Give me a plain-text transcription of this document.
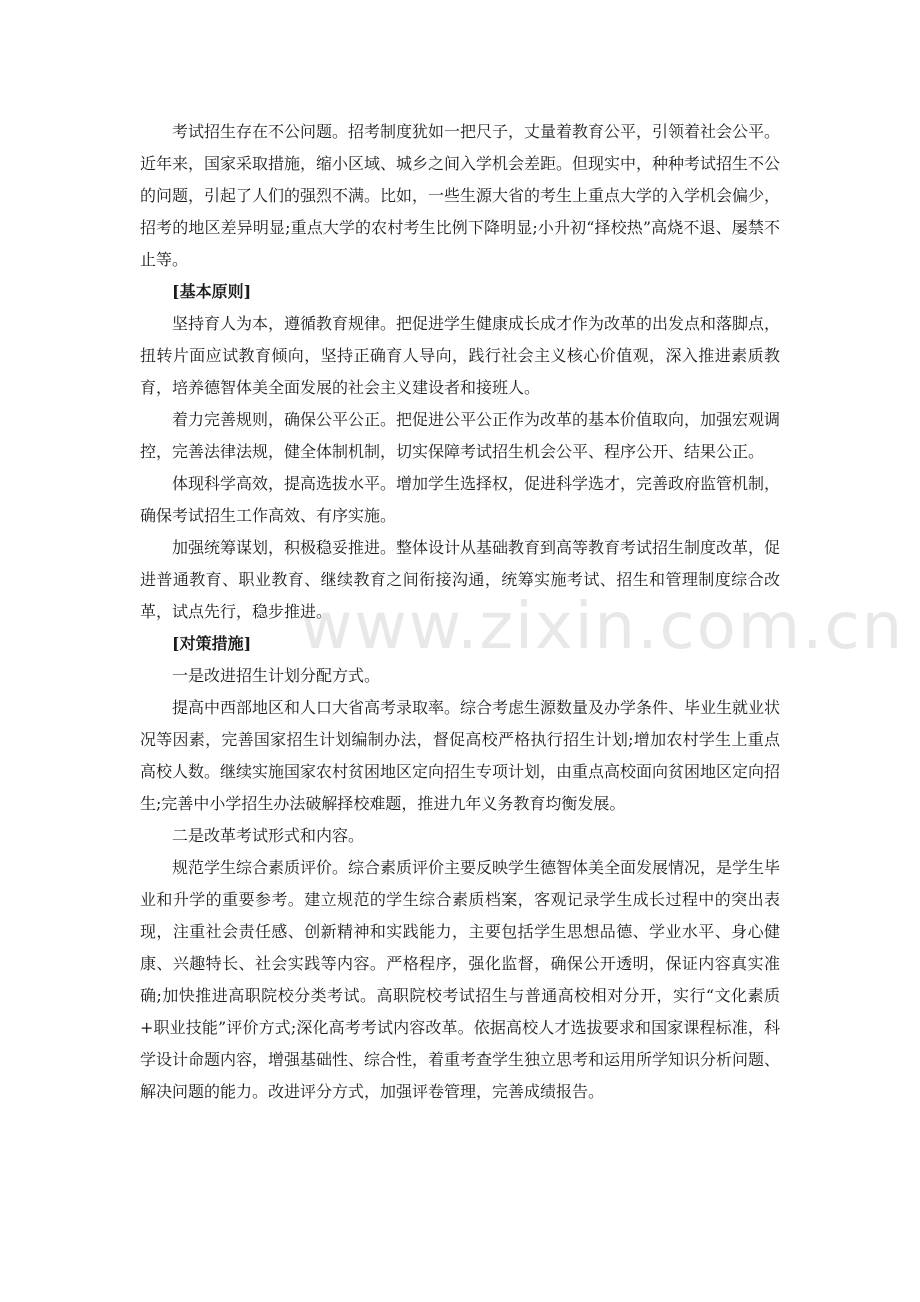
www.zixin.com.cn

考试招生存在不公问题。招考制度犹如一把尺子，丈量着教育公平，引领着社会公平。近年来，国家采取措施，缩小区域、城乡之间入学机会差距。但现实中，种种考试招生不公的问题，引起了人们的强烈不满。比如，一些生源大省的考生上重点大学的入学机会偏少，招考的地区差异明显;重点大学的农村考生比例下降明显;小升初“择校热”高烧不退、屡禁不止等。

[基本原则]

坚持育人为本，遵循教育规律。把促进学生健康成长成才作为改革的出发点和落脚点，扭转片面应试教育倾向，坚持正确育人导向，践行社会主义核心价值观，深入推进素质教育，培养德智体美全面发展的社会主义建设者和接班人。

着力完善规则，确保公平公正。把促进公平公正作为改革的基本价值取向，加强宏观调控，完善法律法规，健全体制机制，切实保障考试招生机会公平、程序公开、结果公正。

体现科学高效，提高选拔水平。增加学生选择权，促进科学选才，完善政府监管机制，确保考试招生工作高效、有序实施。

加强统筹谋划，积极稳妥推进。整体设计从基础教育到高等教育考试招生制度改革，促进普通教育、职业教育、继续教育之间衔接沟通，统筹实施考试、招生和管理制度综合改革，试点先行，稳步推进。

[对策措施]

一是改进招生计划分配方式。

提高中西部地区和人口大省高考录取率。综合考虑生源数量及办学条件、毕业生就业状况等因素，完善国家招生计划编制办法，督促高校严格执行招生计划;增加农村学生上重点高校人数。继续实施国家农村贫困地区定向招生专项计划，由重点高校面向贫困地区定向招生;完善中小学招生办法破解择校难题，推进九年义务教育均衡发展。

二是改革考试形式和内容。

规范学生综合素质评价。综合素质评价主要反映学生德智体美全面发展情况，是学生毕业和升学的重要参考。建立规范的学生综合素质档案，客观记录学生成长过程中的突出表现，注重社会责任感、创新精神和实践能力，主要包括学生思想品德、学业水平、身心健康、兴趣特长、社会实践等内容。严格程序，强化监督，确保公开透明，保证内容真实准确;加快推进高职院校分类考试。高职院校考试招生与普通高校相对分开，实行“文化素质+职业技能”评价方式;深化高考考试内容改革。依据高校人才选拔要求和国家课程标准，科学设计命题内容，增强基础性、综合性，着重考查学生独立思考和运用所学知识分析问题、解决问题的能力。改进评分方式，加强评卷管理，完善成绩报告。
